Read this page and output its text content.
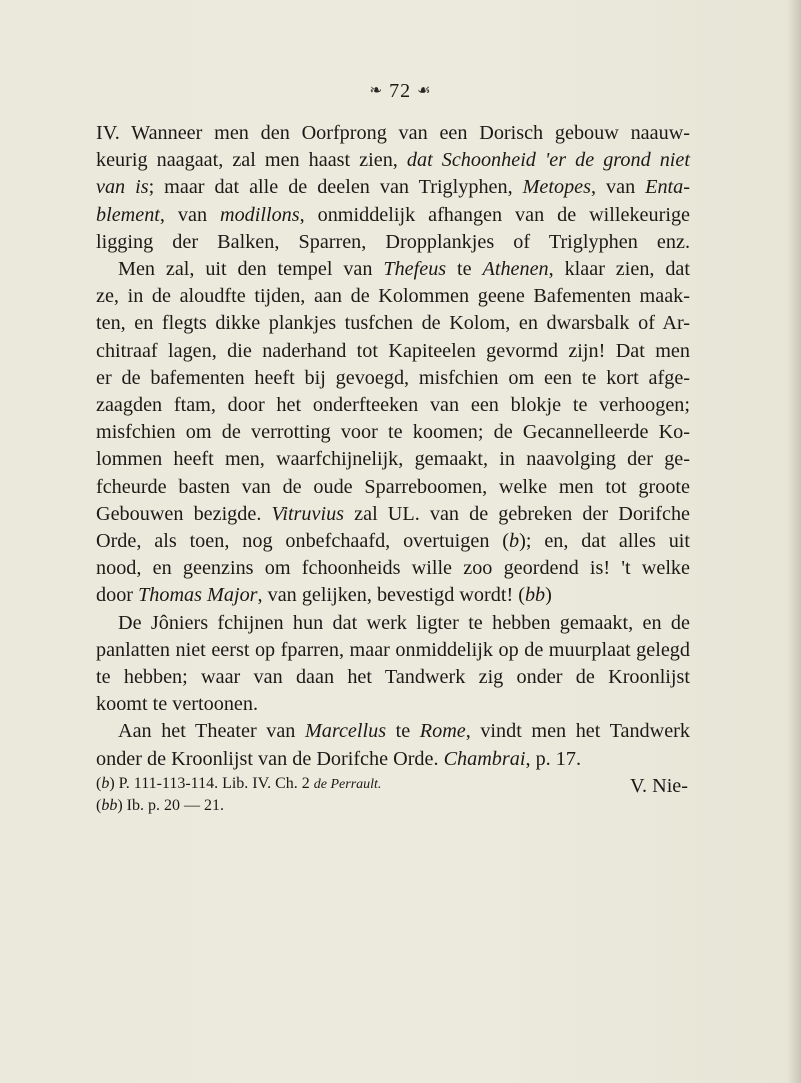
❧ 72 ☙
IV. Wanneer men den Oorfprong van een Dorisch gebouw naauw-
keurig naagaat, zal men haast zien, dat Schoonheid 'er de grond niet
van is; maar dat alle de deelen van Triglyphen, Metopes, van Enta-
blement, van modillons, onmiddelijk afhangen van de willekeurige
ligging der Balken, Sparren, Dropplankjes of Triglyphen enz.
Men zal, uit den tempel van Thefeus te Athenen, klaar zien, dat
ze, in de aloudfte tijden, aan de Kolommen geene Bafementen maak-
ten, en flegts dikke plankjes tusfchen de Kolom, en dwarsbalk of Ar-
chitraaf lagen, die naderhand tot Kapiteelen gevormd zijn! Dat men
er de bafementen heeft bij gevoegd, misfchien om een te kort afge-
zaagden ftam, door het onderfteeken van een blokje te verhoogen;
misfchien om de verrotting voor te koomen; de Gecannelleerde Ko-
lommen heeft men, waarfchijnelijk, gemaakt, in naavolging der ge-
fcheurde basten van de oude Sparreboomen, welke men tot groote
Gebouwen bezigde. Vitruvius zal UL. van de gebreken der Dorifche
Orde, als toen, nog onbefchaafd, overtuigen (b); en, dat alles uit
nood, en geenzins om fchoonheids wille zoo geordend is! 't welke
door Thomas Major, van gelijken, bevestigd wordt! (bb)
De Jôniers fchijnen hun dat werk ligter te hebben gemaakt, en de
panlatten niet eerst op fparren, maar onmiddelijk op de muurplaat gelegd
te hebben; waar van daan het Tandwerk zig onder de Kroonlijst
koomt te vertoonen.
Aan het Theater van Marcellus te Rome, vindt men het Tandwerk
onder de Kroonlijst van de Dorifche Orde. Chambrai, p. 17.
V. Nie-
(b) P. 111-113-114. Lib. IV. Ch. 2 de Perrault.
(bb) Ib. p. 20 — 21.
